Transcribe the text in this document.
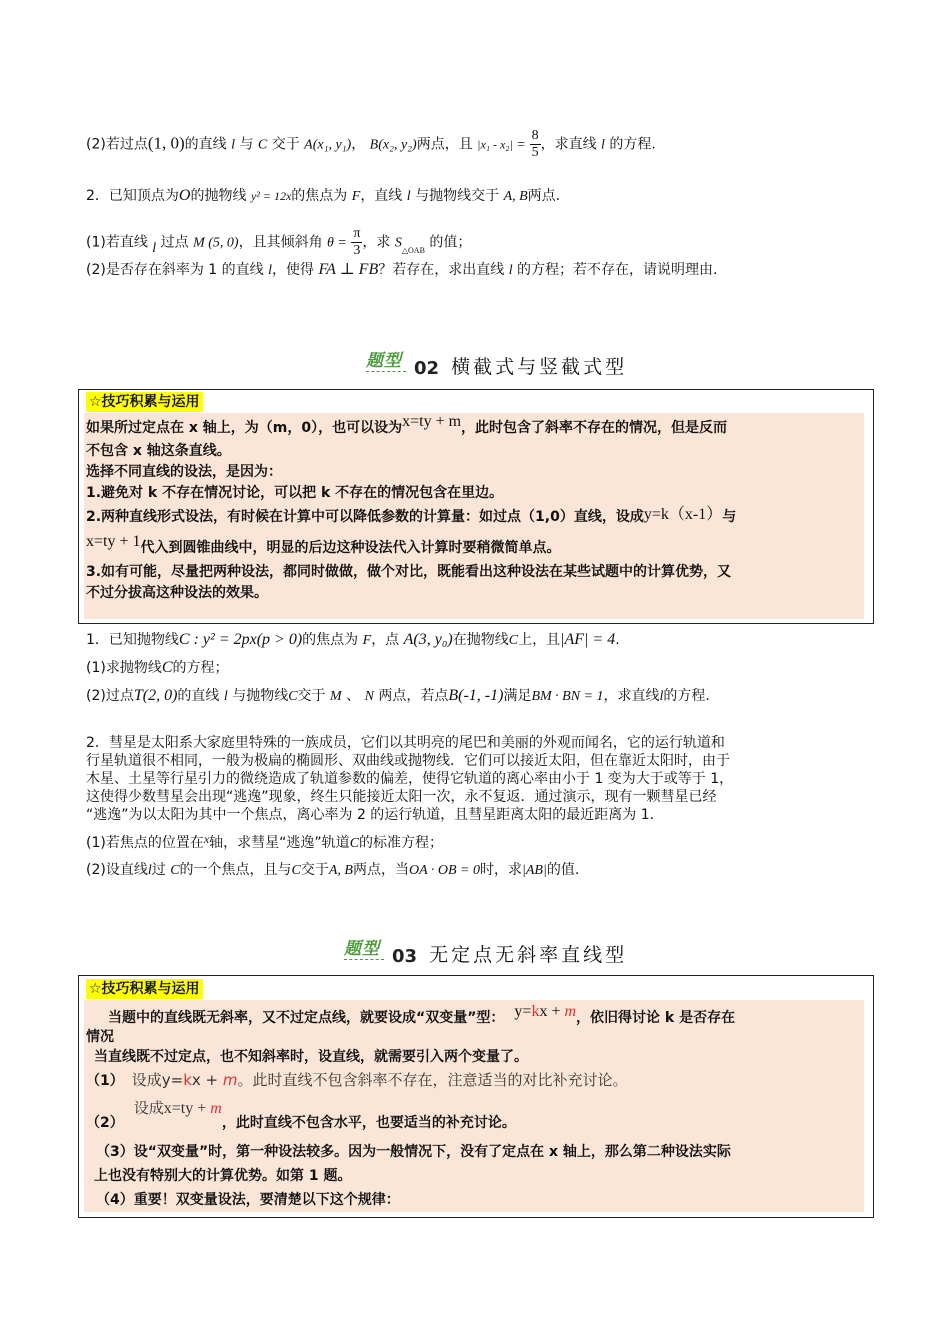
(2)若过点(1, 0)的直线 l 与 C 交于 A(x₁, y₁)， B(x₂, y₂)两点，且 $|x_1 - x_2| = \frac{8}{5}$ ，求直线 l 的方程.
2．已知顶点为O的抛物线 y² = 12x的焦点为 F，直线 l 与抛物线交于 A, B两点.
(1)若直线 l 过点 M (5, 0)，且其倾斜角 $\theta = \frac{\pi}{3}$ ，求 $S_{\triangle OAB}$ 的值；
(2)是否存在斜率为 1 的直线 l，使得 FA ⊥ FB？若存在，求出直线 l 的方程；若不存在，请说明理由.
题型 02 横截式与竖截式型
☆技巧积累与运用
如果所过定点在 x 轴上，为（m，0），也可以设为x=ty + m，此时包含了斜率不存在的情况，但是反而
不包含 x 轴这条直线。
选择不同直线的设法，是因为：
1.避免对 k 不存在情况讨论，可以把 k 不存在的情况包含在里边。
2.两种直线形式设法，有时候在计算中可以降低参数的计算量：如过点（1,0）直线，设成y=k（x-1）与
x=ty + 1代入到圆锥曲线中，明显的后边这种设法代入计算时要稍微简单点。
3.如有可能，尽量把两种设法，都同时做做，做个对比，既能看出这种设法在某些试题中的计算优势，又
不过分拔高这种设法的效果。
1．已知抛物线C : y² = 2px(p > 0)的焦点为 F，点 A(3, y₀)在抛物线C上，且|AF| = 4.
(1)求抛物线C的方程；
(2)过点T(2, 0)的直线 l 与抛物线C交于 M 、 N 两点，若点B(-1, -1)满足BM · BN = 1，求直线l的方程.
2．彗星是太阳系大家庭里特殊的一族成员，它们以其明亮的尾巴和美丽的外观而闻名，它的运行轨道和
行星轨道很不相同，一般为极扁的椭圆形、双曲线或抛物线．它们可以接近太阳，但在靠近太阳时，由于
木星、土星等行星引力的微绕造成了轨道参数的偏差，使得它轨道的离心率由小于 1 变为大于或等于 1，
这使得少数彗星会出现“逃逸”现象，终生只能接近太阳一次，永不复返．通过演示，现有一颗彗星已经
“逃逸”为以太阳为其中一个焦点，离心率为 2 的运行轨道，且彗星距离太阳的最近距离为 1.
(1)若焦点的位置在x轴，求彗星“逃逸”轨道C的标准方程；
(2)设直线l过 C的一个焦点，且与C交于A, B两点，当OA · OB = 0时，求|AB|的值.
题型 03 无定点无斜率直线型
☆技巧积累与运用
当题中的直线既无斜率，又不过定点线，就要设成“双变量”型： y=kx + m，依旧得讨论 k 是否存在
情况
当直线既不过定点，也不知斜率时，设直线，就需要引入两个变量了。
（1） 设成y=kx + m。此时直线不包含斜率不存在，注意适当的对比补充讨论。
（2）设成x=ty + m，此时直线不包含水平，也要适当的补充讨论。
（3）设“双变量”时，第一种设法较多。因为一般情况下，没有了定点在 x 轴上，那么第二种设法实际
上也没有特别大的计算优势。如第 1 题。
（4）重要！双变量设法，要清楚以下这个规律：
